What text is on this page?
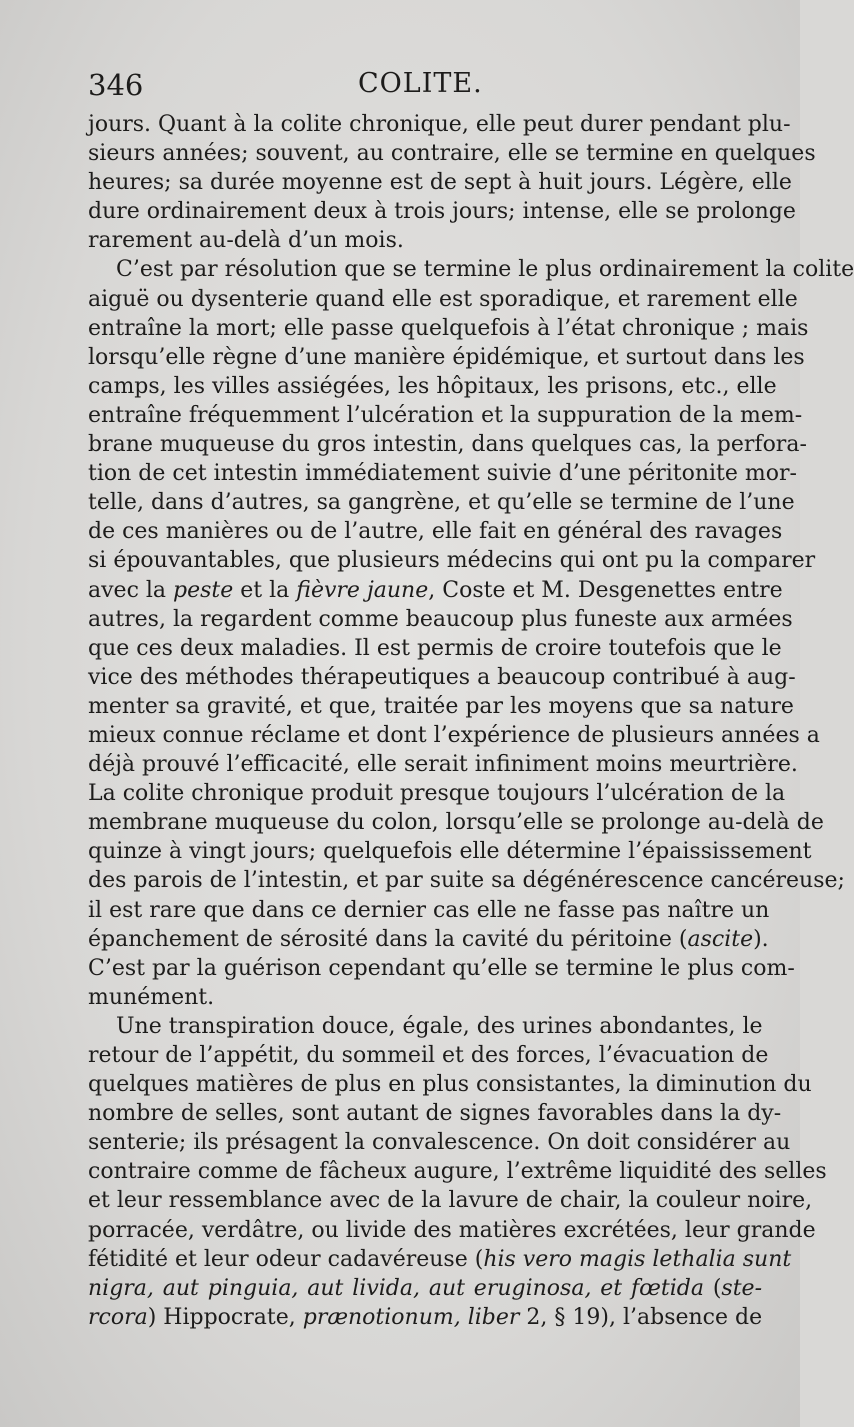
346	COLITE.
jours. Quant à la colite chronique, elle peut durer pendant plu-
sieurs années; souvent, au contraire, elle se termine en quelques
heures; sa durée moyenne est de sept à huit jours. Légère, elle
dure ordinairement deux à trois jours; intense, elle se prolonge
rarement au-delà d’un mois.
C’est par résolution que se termine le plus ordinairement la colite
aiguë ou dysenterie quand elle est sporadique, et rarement elle
entraîne la mort; elle passe quelquefois à l’état chronique ; mais
lorsqu’elle règne d’une manière épidémique, et surtout dans les
camps, les villes assiégées, les hôpitaux, les prisons, etc., elle
entraîne fréquemment l’ulcération et la suppuration de la mem-
brane muqueuse du gros intestin, dans quelques cas, la perfora-
tion de cet intestin immédiatement suivie d’une péritonite mor-
telle, dans d’autres, sa gangrène, et qu’elle se termine de l’une
de ces manières ou de l’autre, elle fait en général des ravages
si épouvantables, que plusieurs médecins qui ont pu la comparer
avec la peste et la fièvre jaune, Coste et M. Desgenettes entre
autres, la regardent comme beaucoup plus funeste aux armées
que ces deux maladies. Il est permis de croire toutefois que le
vice des méthodes thérapeutiques a beaucoup contribué à aug-
menter sa gravité, et que, traitée par les moyens que sa nature
mieux connue réclame et dont l’expérience de plusieurs années a
déjà prouvé l’efficacité, elle serait infiniment moins meurtrière.
La colite chronique produit presque toujours l’ulcération de la
membrane muqueuse du colon, lorsqu’elle se prolonge au-delà de
quinze à vingt jours; quelquefois elle détermine l’épaississement
des parois de l’intestin, et par suite sa dégénérescence cancéreuse;
il est rare que dans ce dernier cas elle ne fasse pas naître un
épanchement de sérosité dans la cavité du péritoine (ascite).
C’est par la guérison cependant qu’elle se termine le plus com-
munément.
Une transpiration douce, égale, des urines abondantes, le
retour de l’appétit, du sommeil et des forces, l’évacuation de
quelques matières de plus en plus consistantes, la diminution du
nombre de selles, sont autant de signes favorables dans la dy-
senterie; ils présagent la convalescence. On doit considérer au
contraire comme de fâcheux augure, l’extrême liquidité des selles
et leur ressemblance avec de la lavure de chair, la couleur noire,
porracée, verdâtre, ou livide des matières excrétées, leur grande
fétidité et leur odeur cadavéreuse (his vero magis lethalia sunt
nigra, aut pinguia, aut livida, aut eruginosa, et fœtida (ste-
rcora) Hippocrate, prænotionum, liber 2, § 19), l’absence de
